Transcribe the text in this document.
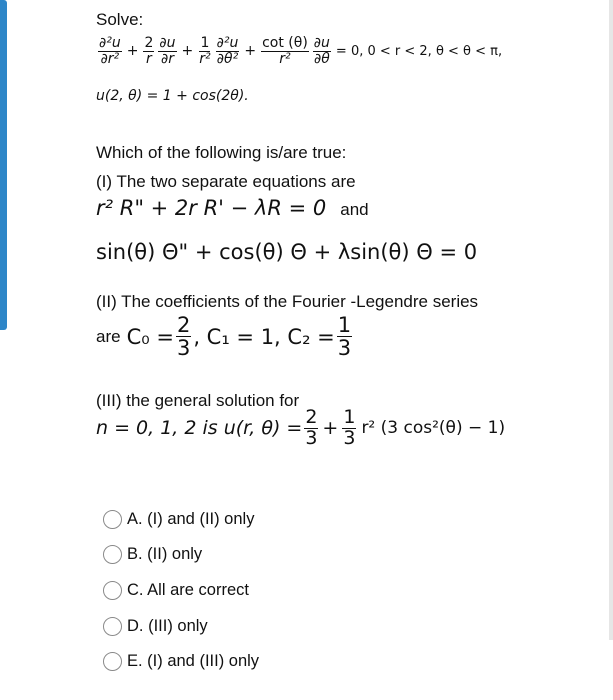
Solve:
$\frac{\text{∂²u}}{\text{∂r²}} + \frac{2}{r} \frac{\partial u}{\partial r} + \frac{1}{\text{r²}} \frac{\text{∂²u}}{\text{∂θ²}} + \frac{\cot (\theta)}{\text{r²}} \frac{\partial u}{\partial\theta} = 0$, 0 < r < 2, θ < θ < π,
u(2, θ) = 1 + cos(2θ).
Which of the following is/are true:
(I) The two separate equations are
r² R" + 2r R' − λR = 0 and
sin(θ) Θ" + cos(θ) Θ + λsin(θ) Θ = 0
(II) The coefficients of the Fourier -Legendre series
are $C_0 = \frac{2}{3}$ , C₁ = 1, $C_2 = \frac{1}{3}$
(III) the general solution for
n = 0, 1, 2 is u(r, $\theta) = \frac{2}{3} + \frac{1}{3} r^2$ (3 cos²(θ) − 1)
A. (I) and (II) only
B. (II) only
C. All are correct
D. (III) only
E. (I) and (III) only
